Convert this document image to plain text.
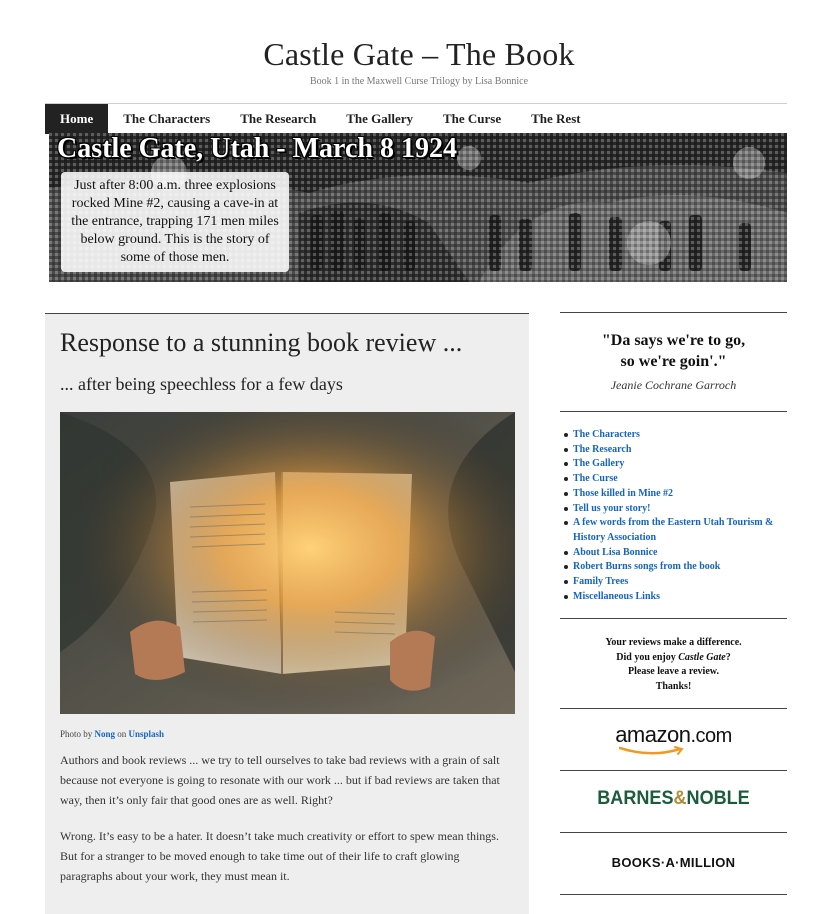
Castle Gate – The Book
Book 1 in the Maxwell Curse Trilogy by Lisa Bonnice
Home	The Characters	The Research	The Gallery	The Curse	The Rest
Castle Gate, Utah - March 8 1924
Just after 8:00 a.m. three explosions rocked Mine #2, causing a cave-in at the entrance, trapping 171 men miles below ground. This is the story of some of those men.
Response to a stunning book review ...
... after being speechless for a few days
Photo by Nong on Unsplash
Authors and book reviews ... we try to tell ourselves to take bad reviews with a grain of salt because not everyone is going to resonate with our work ... but if bad reviews are taken that way, then it’s only fair that good ones are as well. Right?
Wrong. It’s easy to be a hater. It doesn’t take much creativity or effort to spew mean things. But for a stranger to be moved enough to take time out of their life to craft glowing paragraphs about your work, they must mean it.
"Da says we're to go,
so we're goin'."
Jeanie Cochrane Garroch
The Characters
The Research
The Gallery
The Curse
Those killed in Mine #2
Tell us your story!
A few words from the Eastern Utah Tourism & History Association
About Lisa Bonnice
Robert Burns songs from the book
Family Trees
Miscellaneous Links
Your reviews make a difference.
Did you enjoy Castle Gate?
Please leave a review.
Thanks!
amazon.com
BARNES&NOBLE
BOOKS·A·MILLION
